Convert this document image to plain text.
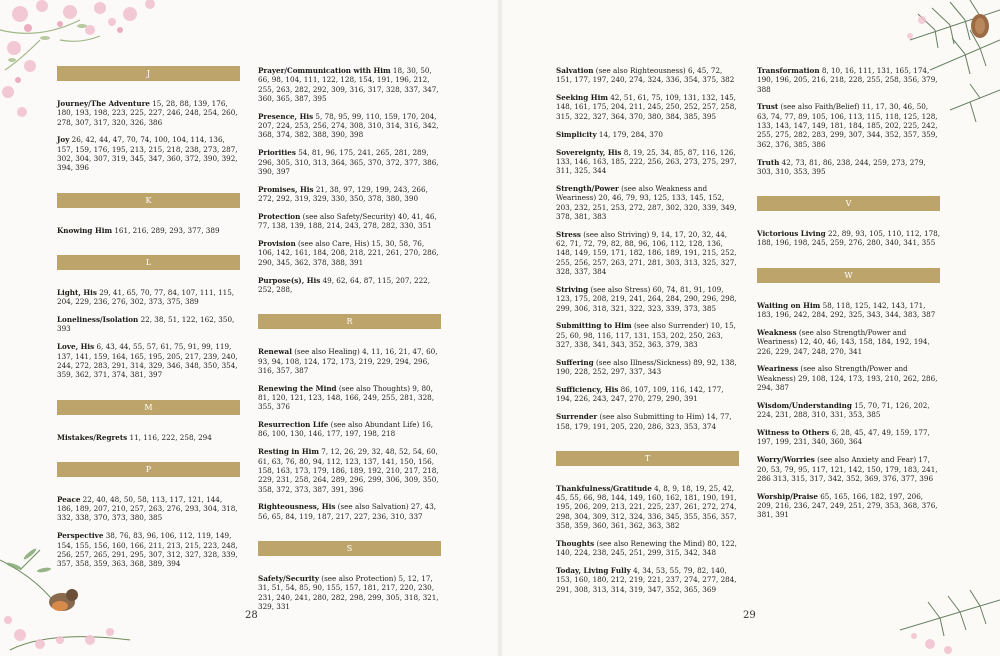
J
Journey/The Adventure 15, 28, 88, 139, 176, 180, 193, 198, 223, 225, 227, 246, 248, 254, 260, 278, 307, 317, 320, 326, 386
Joy 26, 42, 44, 47, 70, 74, 100, 104, 114, 136, 157, 159, 176, 195, 213, 215, 218, 238, 273, 287, 302, 304, 307, 319, 345, 347, 360, 372, 390, 392, 394, 396
K
Knowing Him 161, 216, 289, 293, 377, 389
L
Light, His 29, 41, 65, 70, 77, 84, 107, 111, 115, 204, 229, 236, 276, 302, 373, 375, 389
Loneliness/Isolation 22, 38, 51, 122, 162, 350, 393
Love, His 6, 43, 44, 55, 57, 61, 75, 91, 99, 119, 137, 141, 159, 164, 165, 195, 205, 217, 239, 240, 244, 272, 283, 291, 314, 329, 346, 348, 350, 354, 359, 362, 371, 374, 381, 397
M
Mistakes/Regrets 11, 116, 222, 258, 294
P
Peace 22, 40, 48, 50, 58, 113, 117, 121, 144, 186, 189, 207, 210, 257, 263, 276, 293, 304, 318, 332, 338, 370, 373, 380, 385
Perspective 38, 76, 83, 96, 106, 112, 119, 149, 154, 155, 156, 160, 166, 211, 213, 215, 223, 248, 256, 257, 265, 291, 295, 307, 312, 327, 328, 339, 357, 358, 359, 363, 368, 389, 394
Prayer/Communication with Him 18, 30, 50, 66, 98, 104, 111, 122, 128, 154, 191, 196, 212, 255, 263, 282, 292, 309, 316, 317, 328, 337, 347, 360, 365, 387, 395
Presence, His 5, 78, 95, 99, 110, 159, 170, 204, 207, 224, 253, 256, 274, 308, 310, 314, 316, 342, 368, 374, 382, 388, 390, 398
Priorities 54, 81, 96, 175, 241, 265, 281, 289, 296, 305, 310, 313, 364, 365, 370, 372, 377, 386, 390, 397
Promises, His 21, 38, 97, 129, 199, 243, 266, 272, 292, 319, 329, 330, 350, 378, 380, 390
Protection (see also Safety/Security) 40, 41, 46, 77, 138, 139, 188, 214, 243, 278, 282, 330, 351
Provision (see also Care, His) 15, 30, 58, 76, 106, 142, 161, 184, 208, 218, 221, 261, 270, 286, 290, 345, 362, 378, 388, 391
Purpose(s), His 49, 62, 64, 87, 115, 207, 222, 252, 288,
R
Renewal (see also Healing) 4, 11, 16, 21, 47, 60, 93, 94, 108, 124, 172, 173, 219, 229, 294, 296, 316, 357, 387
Renewing the Mind (see also Thoughts) 9, 80, 81, 120, 121, 123, 148, 166, 249, 255, 281, 328, 355, 376
Resurrection Life (see also Abundant Life) 16, 86, 100, 130, 146, 177, 197, 198, 218
Resting in Him 7, 12, 26, 29, 32, 48, 52, 54, 60, 61, 63, 76, 80, 94, 112, 123, 137, 141, 150, 156, 158, 163, 173, 179, 186, 189, 192, 210, 217, 218, 229, 231, 258, 264, 289, 296, 299, 306, 309, 350, 358, 372, 373, 387, 391, 396
Righteousness, His (see also Salvation) 27, 43, 56, 65, 84, 119, 187, 217, 227, 236, 310, 337
S
Safety/Security (see also Protection) 5, 12, 17, 31, 51, 54, 85, 90, 155, 157, 181, 217, 220, 230, 231, 240, 241, 280, 282, 298, 299, 305, 318, 321, 329, 331
28
Salvation (see also Righteousness) 6, 45, 72, 151, 177, 197, 240, 274, 324, 336, 354, 375, 382
Seeking Him 42, 51, 61, 75, 109, 131, 132, 145, 148, 161, 175, 204, 211, 245, 250, 252, 257, 258, 315, 322, 327, 364, 370, 380, 384, 385, 395
Simplicity 14, 179, 284, 370
Sovereignty, His 8, 19, 25, 34, 85, 87, 116, 126, 133, 146, 163, 185, 222, 256, 263, 273, 275, 297, 311, 325, 344
Strength/Power (see also Weakness and Weariness) 20, 46, 79, 93, 125, 133, 145, 152, 203, 232, 251, 253, 272, 287, 302, 320, 339, 349, 378, 381, 383
Stress (see also Striving) 9, 14, 17, 20, 32, 44, 62, 71, 72, 79, 82, 88, 96, 106, 112, 128, 136, 148, 149, 159, 171, 182, 186, 189, 191, 215, 252, 255, 256, 257, 263, 271, 281, 303, 313, 325, 327, 328, 337, 384
Striving (see also Stress) 60, 74, 81, 91, 109, 123, 175, 208, 219, 241, 264, 284, 290, 296, 298, 299, 306, 318, 321, 322, 323, 339, 373, 385
Submitting to Him (see also Surrender) 10, 15, 25, 60, 98, 116, 117, 131, 153, 202, 250, 263, 327, 338, 341, 343, 352, 363, 379, 383
Suffering (see also Illness/Sickness) 89, 92, 138, 190, 228, 252, 297, 337, 343
Sufficiency, His 86, 107, 109, 116, 142, 177, 194, 226, 243, 247, 270, 279, 290, 391
Surrender (see also Submitting to Him) 14, 77, 158, 179, 191, 205, 220, 286, 323, 353, 374
T
Thankfulness/Gratitude 4, 8, 9, 18, 19, 25, 42, 45, 55, 66, 98, 144, 149, 160, 162, 181, 190, 191, 195, 206, 209, 213, 221, 225, 237, 261, 272, 274, 298, 304, 309, 312, 324, 336, 345, 355, 356, 357, 358, 359, 360, 361, 362, 363, 382
Thoughts (see also Renewing the Mind) 80, 122, 140, 224, 238, 245, 251, 299, 315, 342, 348
Today, Living Fully 4, 34, 53, 55, 79, 82, 140, 153, 160, 180, 212, 219, 221, 237, 274, 277, 284, 291, 308, 313, 314, 319, 347, 352, 365, 369
Transformation 8, 10, 16, 111, 131, 165, 174, 190, 196, 205, 216, 218, 228, 255, 258, 356, 379, 388
Trust (see also Faith/Belief) 11, 17, 30, 46, 50, 63, 74, 77, 89, 105, 106, 113, 115, 118, 125, 128, 133, 143, 147, 149, 181, 184, 185, 202, 225, 242, 255, 275, 282, 283, 299, 307, 344, 352, 357, 359, 362, 376, 385, 386
Truth 42, 73, 81, 86, 238, 244, 259, 273, 279, 303, 310, 353, 395
V
Victorious Living 22, 89, 93, 105, 110, 112, 178, 188, 196, 198, 245, 259, 276, 280, 340, 341, 355
W
Waiting on Him 58, 118, 125, 142, 143, 171, 183, 196, 242, 284, 292, 325, 343, 344, 383, 387
Weakness (see also Strength/Power and Weariness) 12, 40, 46, 143, 158, 184, 192, 194, 226, 229, 247, 248, 270, 341
Weariness (see also Strength/Power and Weakness) 29, 108, 124, 173, 193, 210, 262, 286, 294, 387
Wisdom/Understanding 15, 70, 71, 126, 202, 224, 231, 288, 310, 331, 353, 385
Witness to Others 6, 28, 45, 47, 49, 159, 177, 197, 199, 231, 340, 360, 364
Worry/Worries (see also Anxiety and Fear) 17, 20, 53, 79, 95, 117, 121, 142, 150, 179, 183, 241, 286 313, 315, 317, 342, 352, 369, 376, 377, 396
Worship/Praise 65, 165, 166, 182, 197, 206, 209, 216, 236, 247, 249, 251, 279, 353, 368, 376, 381, 391
29
